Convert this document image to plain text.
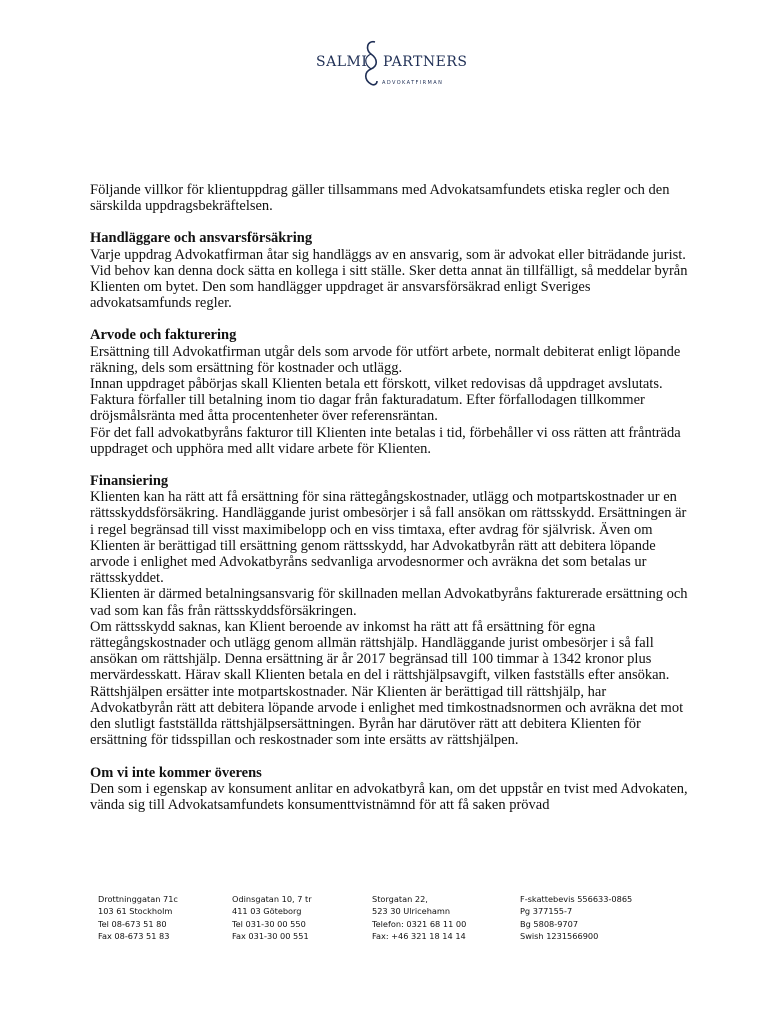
SALMI PARTNERS
ADVOKATFIRMAN

Följande villkor för klientuppdrag gäller tillsammans med Advokatsamfundets etiska regler och den särskilda uppdragsbekräftelsen.

Handläggare och ansvarsförsäkring

Varje uppdrag Advokatfirman åtar sig handläggs av en ansvarig, som är advokat eller biträdande jurist. Vid behov kan denna dock sätta en kollega i sitt ställe. Sker detta annat än tillfälligt, så meddelar byrån Klienten om bytet. Den som handlägger uppdraget är ansvarsförsäkrad enligt Sveriges advokatsamfunds regler.

Arvode och fakturering

Ersättning till Advokatfirman utgår dels som arvode för utfört arbete, normalt debiterat enligt löpande räkning, dels som ersättning för kostnader och utlägg.

Innan uppdraget påbörjas skall Klienten betala ett förskott, vilket redovisas då uppdraget avslutats.

Faktura förfaller till betalning inom tio dagar från fakturadatum. Efter förfallodagen tillkommer dröjsmålsränta med åtta procentenheter över referensräntan.

För det fall advokatbyråns fakturor till Klienten inte betalas i tid, förbehåller vi oss rätten att frånträda uppdraget och upphöra med allt vidare arbete för Klienten.

Finansiering

Klienten kan ha rätt att få ersättning för sina rättegångskostnader, utlägg och motpartskostnader ur en rättsskyddsförsäkring. Handläggande jurist ombesörjer i så fall ansökan om rättsskydd. Ersättningen är i regel begränsad till visst maximibelopp och en viss timtaxa, efter avdrag för självrisk. Även om Klienten är berättigad till ersättning genom rättsskydd, har Advokatbyrån rätt att debitera löpande arvode i enlighet med Advokatbyråns sedvanliga arvodesnormer och avräkna det som betalas ur rättsskyddet.

Klienten är därmed betalningsansvarig för skillnaden mellan Advokatbyråns fakturerade ersättning och vad som kan fås från rättsskyddsförsäkringen.

Om rättsskydd saknas, kan Klient beroende av inkomst ha rätt att få ersättning för egna rättegångskostnader och utlägg genom allmän rättshjälp. Handläggande jurist ombesörjer i så fall ansökan om rättshjälp. Denna ersättning är år 2017 begränsad till 100 timmar à 1342 kronor plus mervärdesskatt. Härav skall Klienten betala en del i rättshjälpsavgift, vilken fastställs efter ansökan. Rättshjälpen ersätter inte motpartskostnader. När Klienten är berättigad till rättshjälp, har Advokatbyrån rätt att debitera löpande arvode i enlighet med timkostnadsnormen och avräkna det mot den slutligt fastställda rättshjälpsersättningen. Byrån har därutöver rätt att debitera Klienten för ersättning för tidsspillan och reskostnader som inte ersätts av rättshjälpen.

Om vi inte kommer överens

Den som i egenskap av konsument anlitar en advokatbyrå kan, om det uppstår en tvist med Advokaten, vända sig till Advokatsamfundets konsumenttvistnämnd för att få saken prövad

Drottninggatan 71c
103 61 Stockholm
Tel 08-673 51 80
Fax 08-673 51 83
Odinsgatan 10, 7 tr
411 03 Göteborg
Tel 031-30 00 550
Fax 031-30 00 551
Storgatan 22,
523 30 Ulricehamn
Telefon: 0321 68 11 00
Fax: +46 321 18 14 14
F-skattebevis 556633-0865
Pg 377155-7
Bg 5808-9707
Swish 1231566900
